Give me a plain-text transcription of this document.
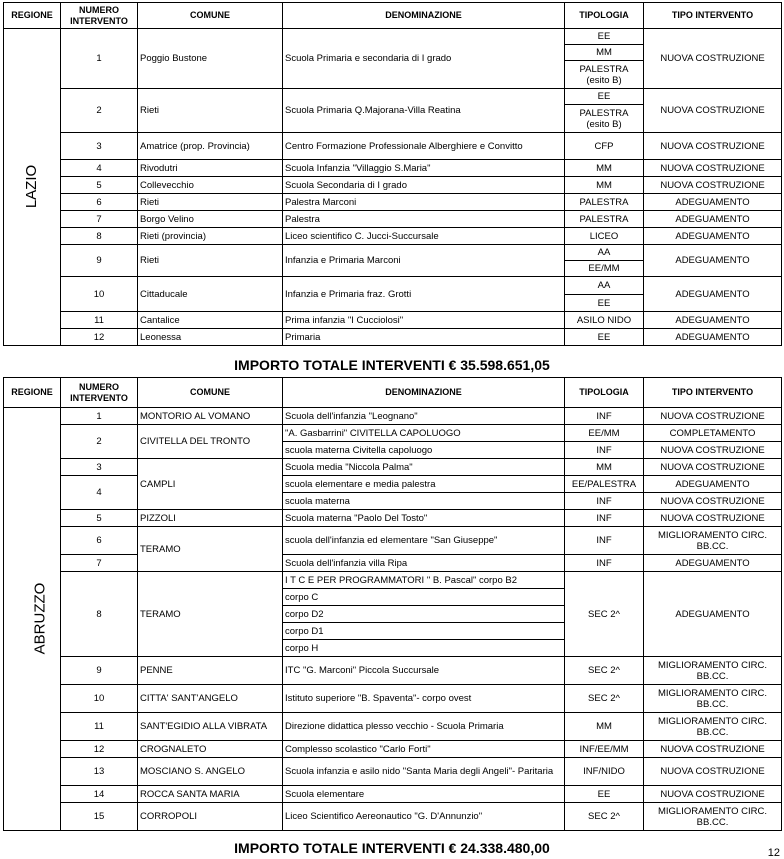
REGIONE	NUMERO INTERVENTO	COMUNE	DENOMINAZIONE	TIPOLOGIA	TIPO INTERVENTO
LAZIO	1	Poggio Bustone	Scuola Primaria e secondaria di I grado	EE	NUOVA COSTRUZIONE
				MM	
				PALESTRA (esito B)	
	2	Rieti	Scuola Primaria Q.Majorana-Villa Reatina	EE	NUOVA COSTRUZIONE
				PALESTRA (esito B)	
	3	Amatrice (prop. Provincia)	Centro Formazione Professionale Alberghiere e Convitto	CFP	NUOVA COSTRUZIONE
	4	Rivodutri	Scuola Infanzia "Villaggio S.Maria"	MM	NUOVA COSTRUZIONE
	5	Collevecchio	Scuola Secondaria di I grado	MM	NUOVA COSTRUZIONE
	6	Rieti	Palestra Marconi	PALESTRA	ADEGUAMENTO
	7	Borgo Velino	Palestra	PALESTRA	ADEGUAMENTO
	8	Rieti (provincia)	Liceo scientifico C. Jucci-Succursale	LICEO	ADEGUAMENTO
	9	Rieti	Infanzia e Primaria Marconi	AA	ADEGUAMENTO
				EE/MM	
	10	Cittaducale	Infanzia e Primaria fraz. Grotti	AA	ADEGUAMENTO
				EE	
	11	Cantalice	Prima infanzia "I Cucciolosi"	ASILO NIDO	ADEGUAMENTO
	12	Leonessa	Primaria	EE	ADEGUAMENTO
IMPORTO TOTALE INTERVENTI € 35.598.651,05
REGIONE	NUMERO INTERVENTO	COMUNE	DENOMINAZIONE	TIPOLOGIA	TIPO INTERVENTO
ABRUZZO	1	MONTORIO AL VOMANO	Scuola dell'infanzia "Leognano"	INF	NUOVA COSTRUZIONE
	2	CIVITELLA DEL TRONTO	"A. Gasbarrini" CIVITELLA CAPOLUOGO	EE/MM	COMPLETAMENTO
			scuola materna Civitella capoluogo	INF	NUOVA COSTRUZIONE
	3	CAMPLI	Scuola media "Niccola Palma"	MM	NUOVA COSTRUZIONE
	4		scuola elementare e media palestra	EE/PALESTRA	ADEGUAMENTO
			scuola materna	INF	NUOVA COSTRUZIONE
	5	PIZZOLI	Scuola materna "Paolo Del Tosto"	INF	NUOVA COSTRUZIONE
	6	TERAMO	scuola dell'infanzia ed elementare "San Giuseppe"	INF	MIGLIORAMENTO CIRC. BB.CC.
	7		Scuola dell'infanzia villa Ripa	INF	ADEGUAMENTO
	8	TERAMO	I T C E PER PROGRAMMATORI " B. Pascal" corpo B2	SEC 2^	ADEGUAMENTO
			corpo C		
			corpo D2		
			corpo D1		
			corpo H		
	9	PENNE	ITC "G. Marconi" Piccola Succursale	SEC 2^	MIGLIORAMENTO CIRC. BB.CC.
	10	CITTA' SANT'ANGELO	Istituto superiore "B. Spaventa"- corpo ovest	SEC 2^	MIGLIORAMENTO CIRC. BB.CC.
	11	SANT'EGIDIO ALLA VIBRATA	Direzione didattica plesso vecchio - Scuola Primaria	MM	MIGLIORAMENTO CIRC. BB.CC.
	12	CROGNALETO	Complesso scolastico "Carlo Forti"	INF/EE/MM	NUOVA COSTRUZIONE
	13	MOSCIANO S. ANGELO	Scuola infanzia e asilo nido "Santa Maria degli Angeli"- Paritaria	INF/NIDO	NUOVA COSTRUZIONE
	14	ROCCA SANTA MARIA	Scuola elementare	EE	NUOVA COSTRUZIONE
	15	CORROPOLI	Liceo Scientifico Aereonautico "G. D'Annunzio"	SEC 2^	MIGLIORAMENTO CIRC. BB.CC.
IMPORTO TOTALE INTERVENTI € 24.338.480,00	12
